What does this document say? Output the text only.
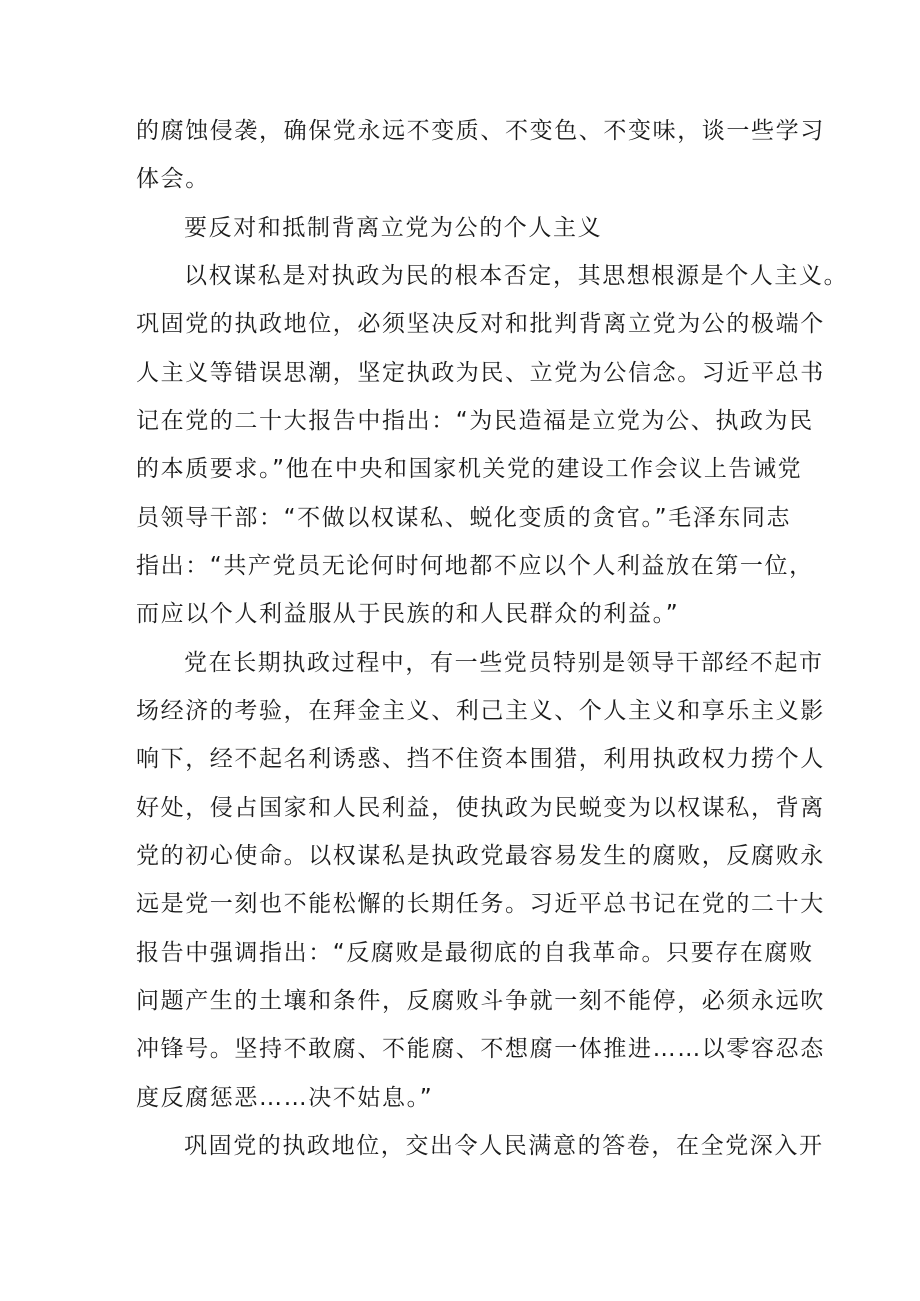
的腐蚀侵袭，确保党永远不变质、不变色、不变味，谈一些学习
体会。
要反对和抵制背离立党为公的个人主义
以权谋私是对执政为民的根本否定，其思想根源是个人主义。
巩固党的执政地位，必须坚决反对和批判背离立党为公的极端个
人主义等错误思潮，坚定执政为民、立党为公信念。习近平总书
记在党的二十大报告中指出：“为民造福是立党为公、执政为民
的本质要求。”他在中央和国家机关党的建设工作会议上告诫党
员领导干部：“不做以权谋私、蜕化变质的贪官。”毛泽东同志
指出：“共产党员无论何时何地都不应以个人利益放在第一位，
而应以个人利益服从于民族的和人民群众的利益。”
党在长期执政过程中，有一些党员特别是领导干部经不起市
场经济的考验，在拜金主义、利己主义、个人主义和享乐主义影
响下，经不起名利诱惑、挡不住资本围猎，利用执政权力捞个人
好处，侵占国家和人民利益，使执政为民蜕变为以权谋私，背离
党的初心使命。以权谋私是执政党最容易发生的腐败，反腐败永
远是党一刻也不能松懈的长期任务。习近平总书记在党的二十大
报告中强调指出：“反腐败是最彻底的自我革命。只要存在腐败
问题产生的土壤和条件，反腐败斗争就一刻不能停，必须永远吹
冲锋号。坚持不敢腐、不能腐、不想腐一体推进……以零容忍态
度反腐惩恶……决不姑息。”
巩固党的执政地位，交出令人民满意的答卷，在全党深入开
